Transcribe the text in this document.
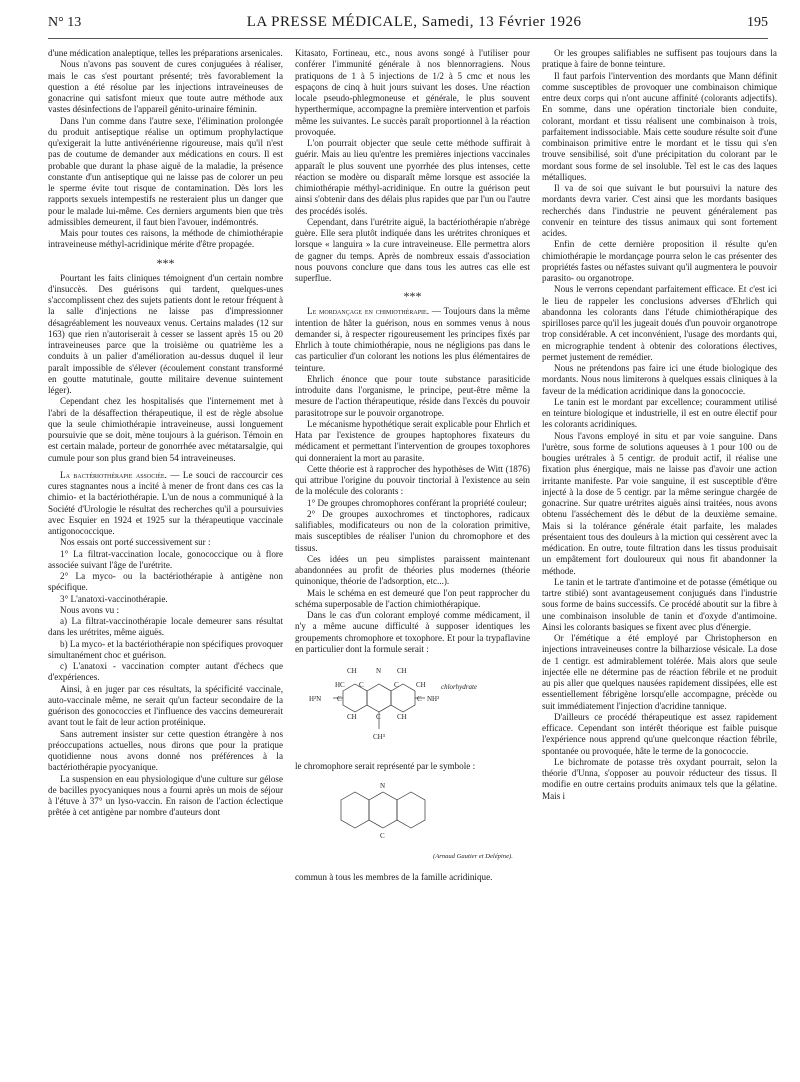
N° 13	LA PRESSE MÉDICALE, Samedi, 13 Février 1926	195

d'une médication analeptique, telles les préparations arsenicales.

Nous n'avons pas souvent de cures conjuguées à réaliser, mais le cas s'est pourtant présenté; très favorablement la question a été résolue par les injections intraveineuses de gonacrine qui satisfont mieux que toute autre méthode aux vastes désinfections de l'appareil génito-urinaire féminin.

Dans l'un comme dans l'autre sexe, l'élimination prolongée du produit antiseptique réalise un optimum prophylactique qu'exigerait la lutte antivénérienne rigoureuse, mais qu'il n'est pas de coutume de demander aux médications en cours. Il est probable que durant la phase aiguë de la maladie, la présence constante d'un antiseptique qui ne laisse pas de colorer un peu le sperme évite tout risque de contamination. Dès lors les rapports sexuels intempestifs ne resteraient plus un danger que pour le malade lui-même. Ces derniers arguments bien que très admissibles demeurent, il faut bien l'avouer, indémontrés.

Mais pour toutes ces raisons, la méthode de chimiothérapie intraveineuse méthyl-acridinique mérite d'être propagée.

***

Pourtant les faits cliniques témoignent d'un certain nombre d'insuccès. Des guérisons qui tardent, quelques-unes s'accomplissent chez des sujets patients dont le retour fréquent à la salle d'injections ne laisse pas d'impressionner désagréablement les nouveaux venus. Certains malades (12 sur 163) que rien n'autoriserait à cesser se lassent après 15 ou 20 intraveineuses parce que la troisième ou quatrième les a conduits à un palier d'amélioration au-dessus duquel il leur paraît impossible de s'élever (écoulement constant transformé en goutte matutinale, goutte militaire devenue suintement léger).

Cependant chez les hospitalisés que l'internement met à l'abri de la désaffection thérapeutique, il est de règle absolue que la seule chimiothérapie intraveineuse, aussi longuement poursuivie que se doit, mène toujours à la guérison. Témoin en est certain malade, porteur de gonorrhée avec métatarsalgie, qui cumule pour son plus grand bien 54 intraveineuses.

La bactériothérapie associée. — Le souci de raccourcir ces cures stagnantes nous a incité à mener de front dans ces cas la chimio- et la bactériothérapie. L'un de nous a communiqué à la Société d'Urologie le résultat des recherches qu'il a poursuivies avec Esquier en 1924 et 1925 sur la thérapeutique vaccinale antigonococcique.

Nos essais ont porté successivement sur :

1° La filtrat-vaccination locale, gonococcique ou à flore associée suivant l'âge de l'urétrite.

2° La myco- ou la bactériothérapie à antigène non spécifique.

3° L'anatoxi-vaccinothérapie.

Nous avons vu :

a) La filtrat-vaccinothérapie locale demeurer sans résultat dans les urétrites, même aiguës.

b) La myco- et la bactériothérapie non spécifiques provoquer simultanément choc et guérison.

c) L'anatoxi - vaccination compter autant d'échecs que d'expériences.

Ainsi, à en juger par ces résultats, la spécificité vaccinale, auto-vaccinale même, ne serait qu'un facteur secondaire de la guérison des gonococcies et l'influence des vaccins demeurerait avant tout le fait de leur action protéinique.

Sans autrement insister sur cette question étrangère à nos préoccupations actuelles, nous dirons que pour la pratique quotidienne nous avons donné nos préférences à la bactériothérapie pyocyanique.

La suspension en eau physiologique d'une culture sur gélose de bacilles pyocyaniques nous a fourni après un mois de séjour à l'étuve à 37° un lyso-vaccin. En raison de l'action éclectique prêtée à cet antigène par nombre d'auteurs dont

Kitasato, Fortineau, etc., nous avons songé à l'utiliser pour conférer l'immunité générale à nos blennorragiens. Nous pratiquons de 1 à 5 injections de 1/2 à 5 cmc et nous les espaçons de cinq à huit jours suivant les doses. Une réaction locale pseudo-phlegmoneuse et générale, le plus souvent hyperthermique, accompagne la première intervention et parfois même les suivantes. Le succès paraît proportionnel à la réaction provoquée.

L'on pourrait objecter que seule cette méthode suffirait à guérir. Mais au lieu qu'entre les premières injections vaccinales apparaît le plus souvent une pyorrhée des plus intenses, cette réaction se modère ou disparaît même lorsque est associée la chimiothérapie méthyl-acridinique. En outre la guérison peut ainsi s'obtenir dans des délais plus rapides que par l'un ou l'autre des procédés isolés.

Cependant, dans l'urétrite aiguë, la bactériothérapie n'abrège guère. Elle sera plutôt indiquée dans les urétrites chroniques et lorsque « languira » la cure intraveineuse. Elle permettra alors de gagner du temps. Après de nombreux essais d'association nous pouvons conclure que dans tous les autres cas elle est superflue.

***

Le mordançage en chimiothérapie. — Toujours dans la même intention de hâter la guérison, nous en sommes venus à nous demander si, à respecter rigoureusement les principes fixés par Ehrlich à toute chimiothérapie, nous ne négligions pas dans le cas particulier d'un colorant les notions les plus élémentaires de teinture.

Ehrlich énonce que pour toute substance parasiticide introduite dans l'organisme, le principe, peut-être même la mesure de l'action thérapeutique, réside dans l'excès du pouvoir parasitotrope sur le pouvoir organotrope.

Le mécanisme hypothétique serait explicable pour Ehrlich et Hata par l'existence de groupes haptophores fixateurs du médicament et permettant l'intervention de groupes toxophores qui donneraient la mort au parasite.

Cette théorie est à rapprocher des hypothèses de Witt (1876) qui attribue l'origine du pouvoir tinctorial à l'existence au sein de la molécule des colorants :

1° De groupes chromophores conférant la propriété couleur;

2° De groupes auxochromes et tinctophores, radicaux salifiables, modificateurs ou non de la coloration primitive, mais susceptibles de réaliser l'union du chromophore et des tissus.

Ces idées un peu simplistes paraissent maintenant abandonnées au profit de théories plus modernes (théorie quinonique, théorie de l'adsorption, etc...).

Mais le schéma en est demeuré que l'on peut rapprocher du schéma superposable de l'action chimiothérapique.

Dans le cas d'un colorant employé comme médicament, il n'y a même aucune difficulté à supposer identiques les groupements chromophore et toxophore. Et pour la trypaflavine en particulier dont la formule serait :

CH	N CH
HC C	C CH
H²N C	C NH²
chlorhydrate
CH	C CH
CH³

le chromophore serait représenté par le symbole :

N
C
(Arnaud Gautier et Delépine).

commun à tous les membres de la famille acridinique.

Or les groupes salifiables ne suffisent pas toujours dans la pratique à faire de bonne teinture.

Il faut parfois l'intervention des mordants que Mann définit comme susceptibles de provoquer une combinaison chimique entre deux corps qui n'ont aucune affinité (colorants adjectifs). En somme, dans une opération tinctoriale bien conduite, colorant, mordant et tissu réalisent une combinaison à trois, parfaitement indissociable. Mais cette soudure résulte soit d'une combinaison primitive entre le mordant et le tissu qui s'en trouve sensibilisé, soit d'une précipitation du colorant par le mordant sous forme de sel insoluble. Tel est le cas des laques métalliques.

Il va de soi que suivant le but poursuivi la nature des mordants devra varier. C'est ainsi que les mordants basiques recherchés dans l'industrie ne peuvent généralement pas convenir en teinture des tissus animaux qui sont fortement acides.

Enfin de cette dernière proposition il résulte qu'en chimiothérapie le mordançage pourra selon le cas présenter des propriétés fastes ou néfastes suivant qu'il augmentera le pouvoir parasito- ou organotrope.

Nous le verrons cependant parfaitement efficace. Et c'est ici le lieu de rappeler les conclusions adverses d'Ehrlich qui abandonna les colorants dans l'étude chimiothérapique des spirilloses parce qu'il les jugeait doués d'un pouvoir organotrope trop considérable. A cet inconvénient, l'usage des mordants qui, en micrographie tendent à obtenir des colorations électives, permet justement de remédier.

Nous ne prétendons pas faire ici une étude biologique des mordants. Nous nous limiterons à quelques essais cliniques à la faveur de la médication acridinique dans la gonococcie.

Le tanin est le mordant par excellence; couramment utilisé en teinture biologique et industrielle, il est en outre électif pour les colorants acridiniques.

Nous l'avons employé in situ et par voie sanguine. Dans l'urètre, sous forme de solutions aqueuses à 1 pour 100 ou de bougies urétrales à 5 centigr. de produit actif, il réalise une fixation plus énergique, mais ne laisse pas d'avoir une action irritante manifeste. Par voie sanguine, il est susceptible d'être injecté à la dose de 5 centigr. par la même seringue chargée de gonacrine. Sur quatre urétrites aiguës ainsi traitées, nous avons obtenu l'asséchement dès le début de la deuxième semaine. Mais si la tolérance générale était parfaite, les malades présentaient tous des douleurs à la miction qui cessèrent avec la médication. En outre, toute filtration dans les tissus produisait un empâtement fort douloureux qui nous fit abandonner la méthode.

Le tanin et le tartrate d'antimoine et de potasse (émétique ou tartre stibié) sont avantageusement conjugués dans l'industrie sous forme de bains successifs. Ce procédé aboutit sur la fibre à une combinaison insoluble de tanin et d'oxyde d'antimoine. Ainsi les colorants basiques se fixent avec plus d'énergie.

Or l'émétique a été employé par Christopherson en injections intraveineuses contre la bilharziose vésicale. La dose de 1 centigr. est admirablement tolérée. Mais alors que seule injectée elle ne détermine pas de réaction fébrile et ne produit au pis aller que quelques nausées rapidement dissipées, elle est essentiellement fébrigène lorsqu'elle accompagne, précède ou suit immédiatement l'injection d'acridine tannique.

D'ailleurs ce procédé thérapeutique est assez rapidement efficace. Cependant son intérêt théorique est faible puisque l'expérience nous apprend qu'une quelconque réaction fébrile, spontanée ou provoquée, hâte le terme de la gonococcie.

Le bichromate de potasse très oxydant pourrait, selon la théorie d'Unna, s'opposer au pouvoir réducteur des tissus. Il modifie en outre certains produits animaux tels que la gélatine. Mais i
